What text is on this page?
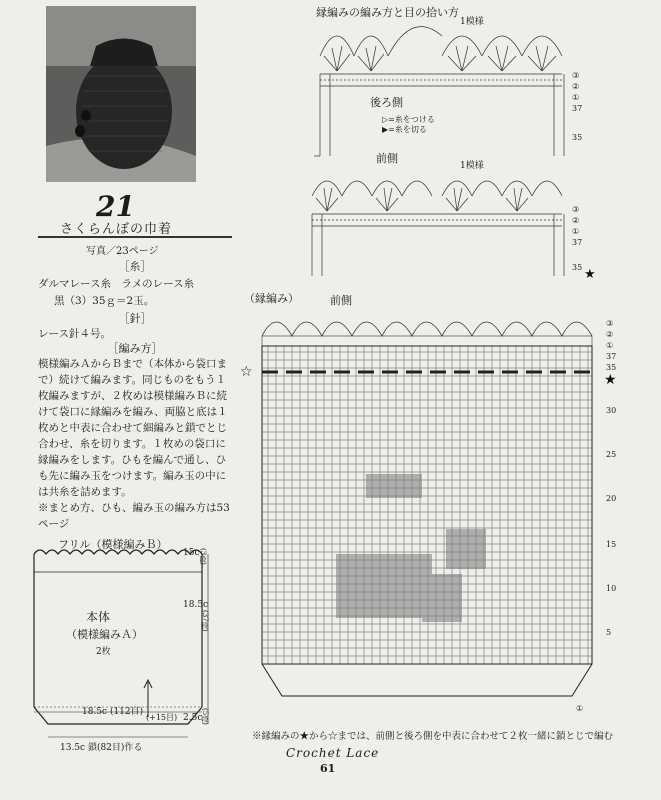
21
さくらんぼの巾着
写真／23ページ
［糸］
ダルマレース糸　ラメのレース糸
黒（3）35ｇ＝2玉。
［針］
レース針４号。
［編み方］
模様編みＡからＢまで（本体から袋口ま
で）続けて編みます。同じものをもう１
枚編みますが、２枚めは模様編みＢに続
けて袋口に縁編みを編み、両脇と底は１
枚めと中表に合わせて細編みと鎖でとじ
合わせ、糸を切ります。１枚めの袋口に
縁編みをします。ひもを編んで通し、ひ
も先に編み玉をつけます。編み玉の中に
は共糸を詰めます。
※まとめ方、ひも、編み玉の編み方は53
ページ
フリル（模様編みＢ）
本体
（模様編みＡ）
2枚
15c (3段)
18.5c
(37段)
2.5c
(5段)
18.5c (112目)
(+15目)
13.5c 鎖(82目)作る
縁編みの編み方と目の拾い方
★
後ろ側
1模様
▷=糸をつける
▶=糸を切る
前側
1模様
③
②
①
37
35
③
②
①
37
35
（縁編み）	前側
☆	★
③
②
①
37
35
30
25
20
15
10
5
①
※縁編みの★から☆までは、前側と後ろ側を中表に合わせて２枚一緒に鎖とじで編む
Crochet Lace
61
